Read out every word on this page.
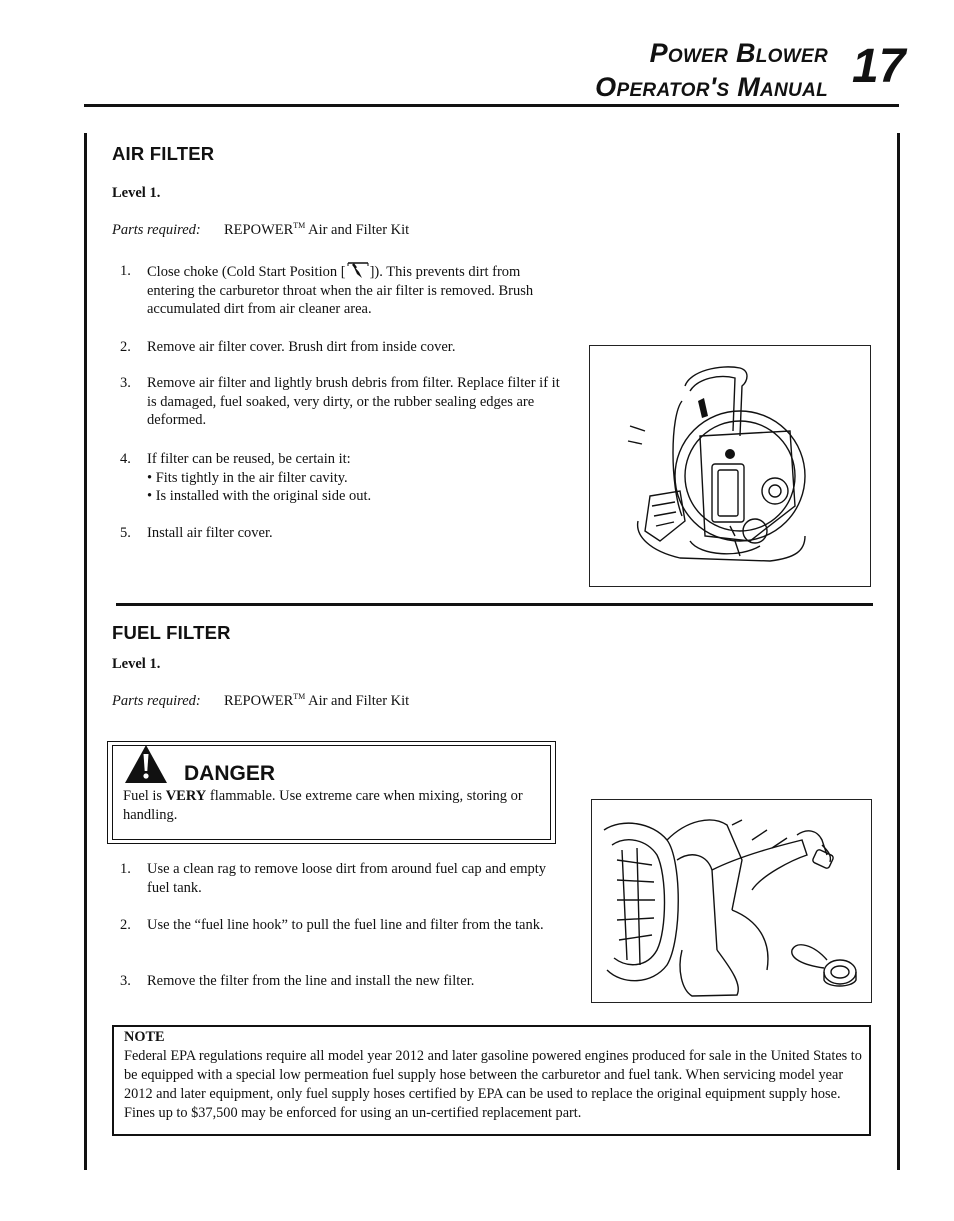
Power Blower
Operator's Manual 17
AIR FILTER
Level 1.
Parts required: REPOWER™ Air and Filter Kit
1. Close choke (Cold Start Position [ ]). This prevents dirt from entering the carburetor throat when the air filter is removed. Brush accumulated dirt from air cleaner area.
2. Remove air filter cover. Brush dirt from inside cover.
3. Remove air filter and lightly brush debris from filter. Replace filter if it is damaged, fuel soaked, very dirty, or the rubber sealing edges are deformed.
4. If filter can be reused, be certain it:
• Fits tightly in the air filter cavity.
• Is installed with the original side out.
5. Install air filter cover.
FUEL FILTER
Level 1.
Parts required: REPOWER™ Air and Filter Kit
DANGER
Fuel is VERY flammable. Use extreme care when mixing, storing or handling.
1. Use a clean rag to remove loose dirt from around fuel cap and empty fuel tank.
2. Use the “fuel line hook” to pull the fuel line and filter from the tank.
3. Remove the filter from the line and install the new filter.
NOTE
Federal EPA regulations require all model year 2012 and later gasoline powered engines produced for sale in the United States to be equipped with a special low permeation fuel supply hose between the carburetor and fuel tank. When servicing model year 2012 and later equipment, only fuel supply hoses certified by EPA can be used to replace the original equipment supply hose. Fines up to $37,500 may be enforced for using an un-certified replacement part.
